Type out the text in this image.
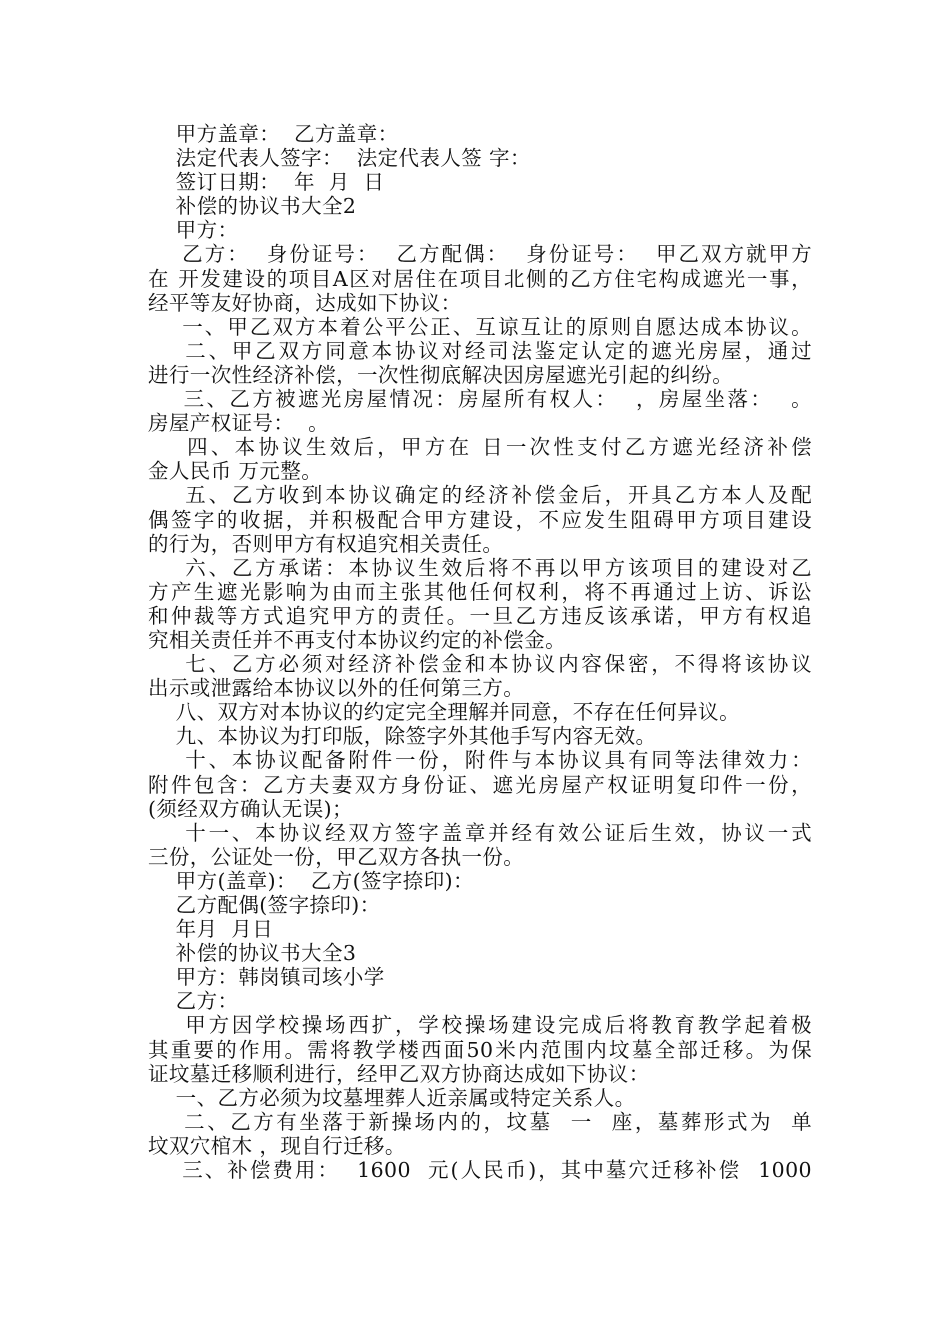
甲方盖章：  乙方盖章：
法定代表人签字：  法定代表人签 字：
签订日期：  年  月  日
补偿的协议书大全2
甲方：
乙方：  身份证号：  乙方配偶：  身份证号：  甲乙双方就甲方
在 开发建设的项目A区对居住在项目北侧的乙方住宅构成遮光一事，
经平等友好协商，达成如下协议：
一、甲乙双方本着公平公正、互谅互让的原则自愿达成本协议。
二、甲乙双方同意本协议对经司法鉴定认定的遮光房屋，通过
进行一次性经济补偿，一次性彻底解决因房屋遮光引起的纠纷。
三、乙方被遮光房屋情况：房屋所有权人：  ，房屋坐落：  。
房屋产权证号：  。
四、本协议生效后，甲方在 日一次性支付乙方遮光经济补偿
金人民币 万元整。
五、乙方收到本协议确定的经济补偿金后，开具乙方本人及配
偶签字的收据，并积极配合甲方建设，不应发生阻碍甲方项目建设
的行为，否则甲方有权追究相关责任。
六、乙方承诺：本协议生效后将不再以甲方该项目的建设对乙
方产生遮光影响为由而主张其他任何权利，将不再通过上访、诉讼
和仲裁等方式追究甲方的责任。一旦乙方违反该承诺，甲方有权追
究相关责任并不再支付本协议约定的补偿金。
七、乙方必须对经济补偿金和本协议内容保密，不得将该协议
出示或泄露给本协议以外的任何第三方。
八、双方对本协议的约定完全理解并同意，不存在任何异议。
九、本协议为打印版，除签字外其他手写内容无效。
十、本协议配备附件一份，附件与本协议具有同等法律效力：
附件包含：乙方夫妻双方身份证、遮光房屋产权证明复印件一份，
(须经双方确认无误)；
十一、本协议经双方签字盖章并经有效公证后生效，协议一式
三份，公证处一份，甲乙双方各执一份。
甲方(盖章)：  乙方(签字捺印)：
乙方配偶(签字捺印)：
年月  月日
补偿的协议书大全3
甲方：韩岗镇司垓小学
乙方：
甲方因学校操场西扩，学校操场建设完成后将教育教学起着极
其重要的作用。需将教学楼西面50米内范围内坟墓全部迁移。为保
证坟墓迁移顺利进行，经甲乙双方协商达成如下协议：
一、乙方必须为坟墓埋葬人近亲属或特定关系人。
二、乙方有坐落于新操场内的，坟墓  一  座，墓葬形式为  单
坟双穴棺木 ，现自行迁移。
三、补偿费用：  1600  元(人民币)，其中墓穴迁移补偿  1000
